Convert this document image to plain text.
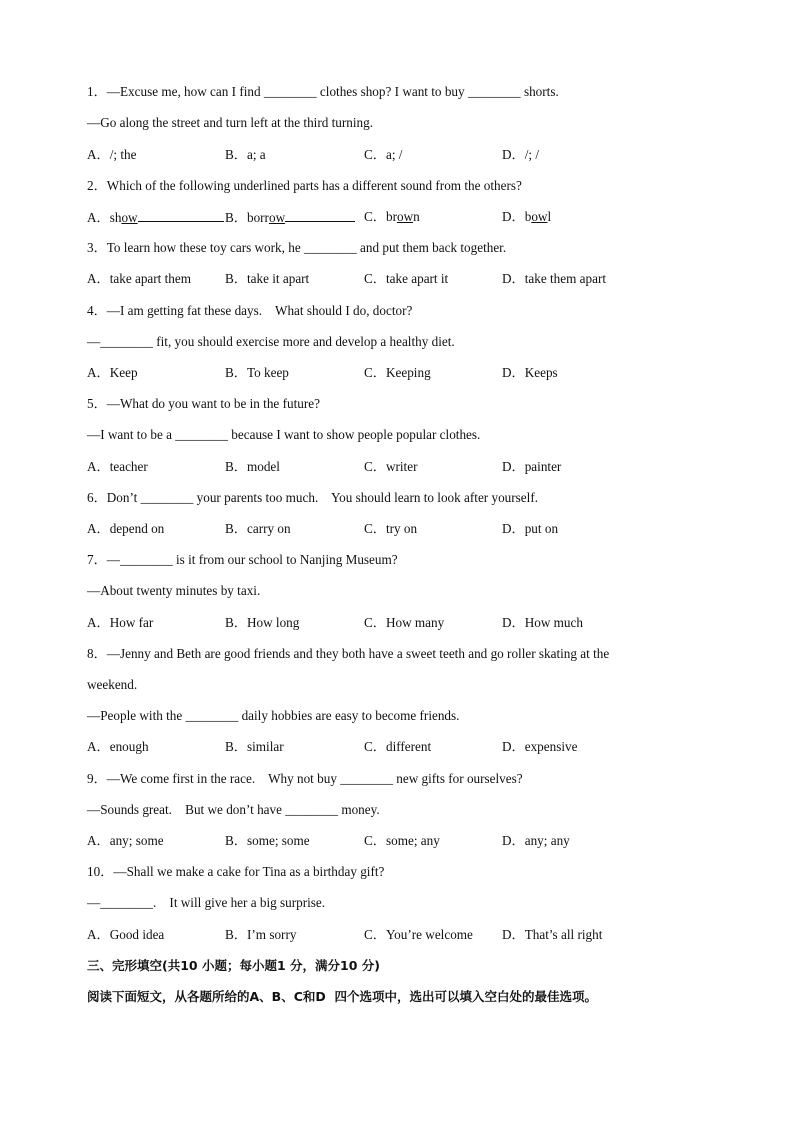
1．—Excuse me, how can I find ________ clothes shop? I want to buy ________ shorts.
—Go along the street and turn left at the third turning.
A．/; the	B．a; a	C．a; /	D．/; /
2．Which of the following underlined parts has a different sound from the others?
A．show	B．borrow	C．brown	D．bowl
3．To learn how these toy cars work, he ________ and put them back together.
A．take apart them	B．take it apart	C．take apart it	D．take them apart
4．—I am getting fat these days.    What should I do, doctor?
—________ fit, you should exercise more and develop a healthy diet.
A．Keep	B．To keep	C．Keeping	D．Keeps
5．—What do you want to be in the future?
—I want to be a ________ because I want to show people popular clothes.
A．teacher	B．model	C．writer	D．painter
6．Don’t ________ your parents too much.    You should learn to look after yourself.
A．depend on	B．carry on	C．try on	D．put on
7．—________ is it from our school to Nanjing Museum?
—About twenty minutes by taxi.
A．How far	B．How long	C．How many	D．How much
8．—Jenny and Beth are good friends and they both have a sweet teeth and go roller skating at the
weekend.
—People with the ________ daily hobbies are easy to become friends.
A．enough	B．similar	C．different	D．expensive
9．—We come first in the race.    Why not buy ________ new gifts for ourselves?
—Sounds great.    But we don’t have ________ money.
A．any; some	B．some; some	C．some; any	D．any; any
10．—Shall we make a cake for Tina as a birthday gift?
—________.    It will give her a big surprise.
A．Good idea	B．I’m sorry	C．You’re welcome D．That’s all right
三、完形填空(共10 小题；每小题1 分，满分10 分)
阅读下面短文，从各题所给的A、B、C和D  四个选项中，选出可以填入空白处的最佳选项。
